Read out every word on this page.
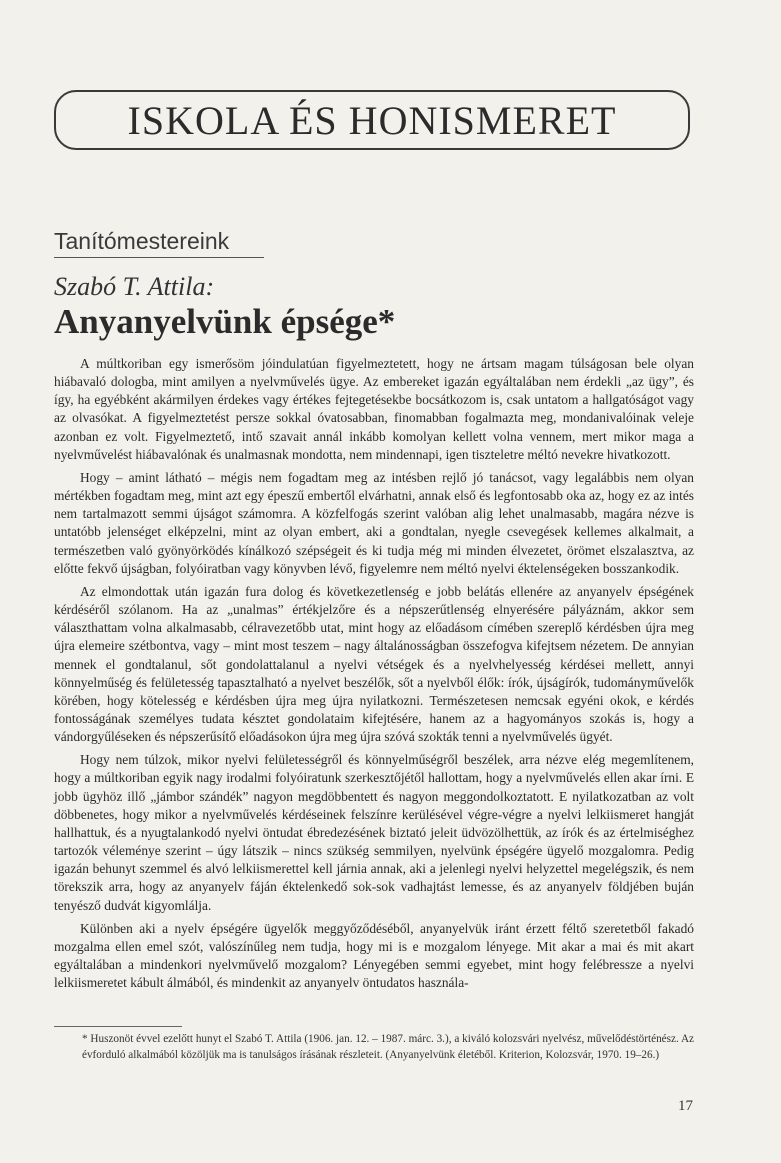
ISKOLA ÉS HONISMERET
Tanítómestereink
Szabó T. Attila:
Anyanyelvünk épsége*

A múltkoriban egy ismerősöm jóindulatúan figyelmeztetett, hogy ne ártsam magam túlságosan bele olyan hiábavaló dologba, mint amilyen a nyelvművelés ügye. Az embereket igazán egyáltalában nem érdekli „az ügy”, és így, ha egyébként akármilyen érdekes vagy értékes fejtegetésekbe bocsátkozom is, csak untatom a hallgatóságot vagy az olvasókat. A figyelmeztetést persze sokkal óvatosabban, finomabban fogalmazta meg, mondanivalóinak veleje azonban ez volt. Figyelmeztető, intő szavait annál inkább komolyan kellett volna vennem, mert mikor maga a nyelvművelést hiábavalónak és unalmasnak mondotta, nem mindennapi, igen tiszteletre méltó nevekre hivatkozott.

Hogy – amint látható – mégis nem fogadtam meg az intésben rejlő jó tanácsot, vagy legalábbis nem olyan mértékben fogadtam meg, mint azt egy épeszű embertől elvárhatni, annak első és legfontosabb oka az, hogy ez az intés nem tartalmazott semmi újságot számomra. A közfelfogás szerint valóban alig lehet unalmasabb, magára nézve is untatóbb jelenséget elképzelni, mint az olyan embert, aki a gondtalan, nyegle csevegések kellemes alkalmait, a természetben való gyönyörködés kínálkozó szépségeit és ki tudja még mi minden élvezetet, örömet elszalasztva, az előtte fekvő újságban, folyóiratban vagy könyvben lévő, figyelemre nem méltó nyelvi éktelenségeken bosszankodik.

Az elmondottak után igazán fura dolog és következetlenség e jobb belátás ellenére az anyanyelv épségének kérdéséről szólanom. Ha az „unalmas” értékjelzőre és a népszerűtlenség elnyerésére pályáznám, akkor sem választhattam volna alkalmasabb, célravezetőbb utat, mint hogy az előadásom címében szereplő kérdésben újra meg újra elemeire szétbontva, vagy – mint most teszem – nagy általánosságban összefogva kifejtsem nézetem. De annyian mennek el gondtalanul, sőt gondolattalanul a nyelvi vétségek és a nyelvhelyesség kérdései mellett, annyi könnyelműség és felületesség tapasztalható a nyelvet beszélők, sőt a nyelvből élők: írók, újságírók, tudományművelők körében, hogy kötelesség e kérdésben újra meg újra nyilatkozni. Természetesen nemcsak egyéni okok, e kérdés fontosságának személyes tudata késztet gondolataim kifejtésére, hanem az a hagyományos szokás is, hogy a vándorgyűléseken és népszerűsítő előadásokon újra meg újra szóvá szokták tenni a nyelvművelés ügyét.

Hogy nem túlzok, mikor nyelvi felületességről és könnyelműségről beszélek, arra nézve elég megemlítenem, hogy a múltkoriban egyik nagy irodalmi folyóiratunk szerkesztőjétől hallottam, hogy a nyelvművelés ellen akar írni. E jobb ügyhöz illő „jámbor szándék” nagyon megdöbbentett és nagyon meggondolkoztatott. E nyilatkozatban az volt döbbenetes, hogy mikor a nyelvművelés kérdéseinek felszínre kerülésével végre-végre a nyelvi lelkiismeret hangját hallhattuk, és a nyugtalankodó nyelvi öntudat ébredezésének biztató jeleit üdvözölhettük, az írók és az értelmiséghez tartozók véleménye szerint – úgy látszik – nincs szükség semmilyen, nyelvünk épségére ügyelő mozgalomra. Pedig igazán behunyt szemmel és alvó lelkiismerettel kell járnia annak, aki a jelenlegi nyelvi helyzettel megelégszik, és nem törekszik arra, hogy az anyanyelv fáján éktelenkedő sok-sok vadhajtást lemesse, és az anyanyelv földjében buján tenyésző dudvát kigyomlálja.

Különben aki a nyelv épségére ügyelők meggyőződéséből, anyanyelvük iránt érzett féltő szeretetből fakadó mozgalma ellen emel szót, valószínűleg nem tudja, hogy mi is e mozgalom lényege. Mit akar a mai és mit akart egyáltalában a mindenkori nyelvművelő mozgalom? Lényegében semmi egyebet, mint hogy felébressze a nyelvi lelkiismeretet kábult álmából, és mindenkit az anyanyelv öntudatos használa-

* Huszonöt évvel ezelőtt hunyt el Szabó T. Attila (1906. jan. 12. – 1987. márc. 3.), a kiváló kolozsvári nyelvész, művelődéstörténész. Az évforduló alkalmából közöljük ma is tanulságos írásának részleteit. (Anyanyelvünk életéből. Kriterion, Kolozsvár, 1970. 19–26.)
17
